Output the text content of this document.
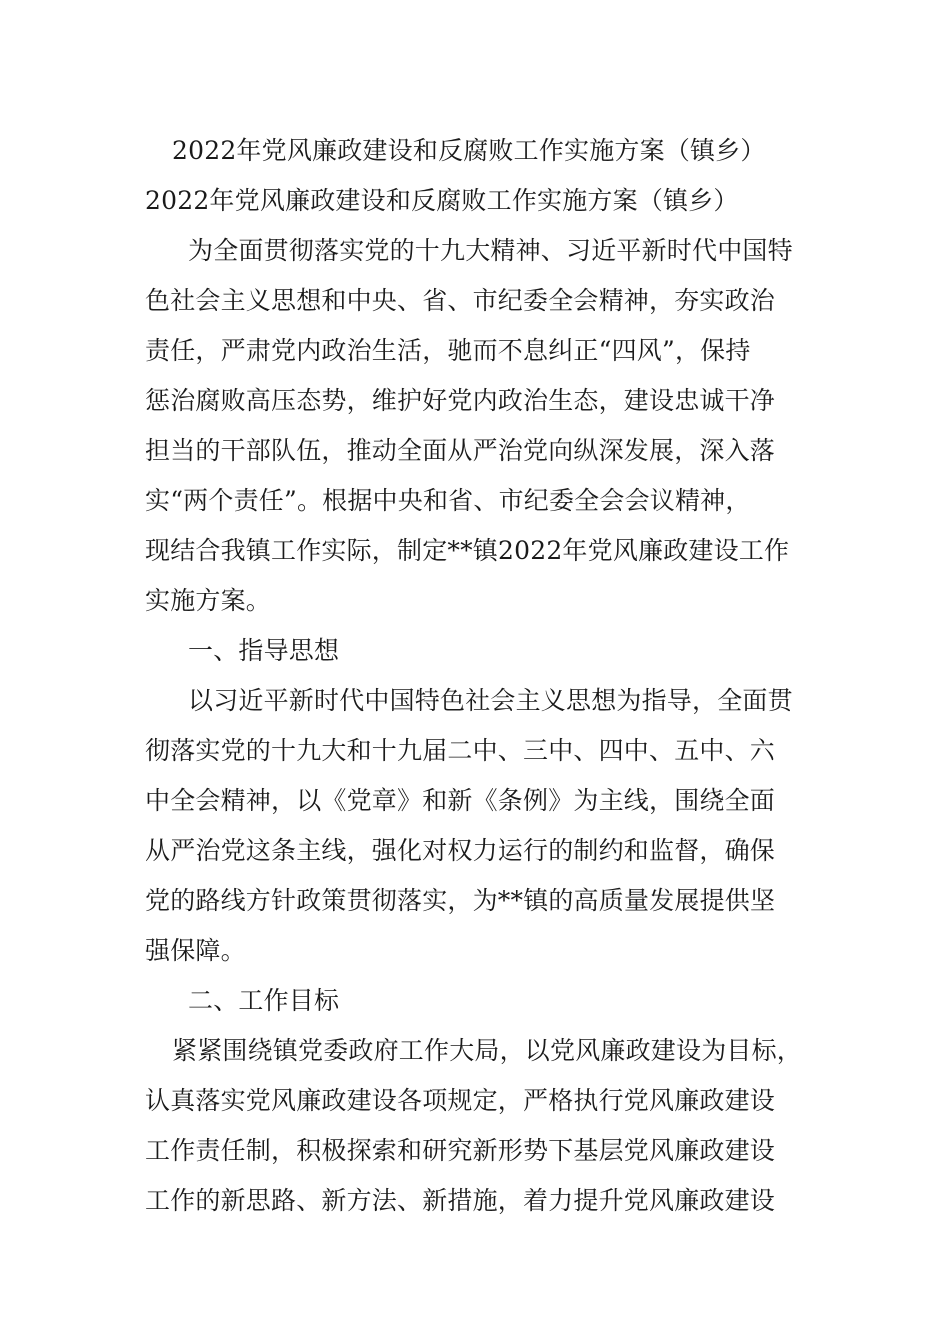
2022年党风廉政建设和反腐败工作实施方案（镇乡）
2022年党风廉政建设和反腐败工作实施方案（镇乡）
为全面贯彻落实党的十九大精神、习近平新时代中国特
色社会主义思想和中央、省、市纪委全会精神，夯实政治
责任，严肃党内政治生活，驰而不息纠正“四风”，保持
惩治腐败高压态势，维护好党内政治生态，建设忠诚干净
担当的干部队伍，推动全面从严治党向纵深发展，深入落
实“两个责任”。根据中央和省、市纪委全会会议精神，
现结合我镇工作实际，制定**镇2022年党风廉政建设工作
实施方案。
一、指导思想
以习近平新时代中国特色社会主义思想为指导，全面贯
彻落实党的十九大和十九届二中、三中、四中、五中、六
中全会精神，以《党章》和新《条例》为主线，围绕全面
从严治党这条主线，强化对权力运行的制约和监督，确保
党的路线方针政策贯彻落实，为**镇的高质量发展提供坚
强保障。
二、工作目标
紧紧围绕镇党委政府工作大局，以党风廉政建设为目标，
认真落实党风廉政建设各项规定，严格执行党风廉政建设
工作责任制，积极探索和研究新形势下基层党风廉政建设
工作的新思路、新方法、新措施，着力提升党风廉政建设
